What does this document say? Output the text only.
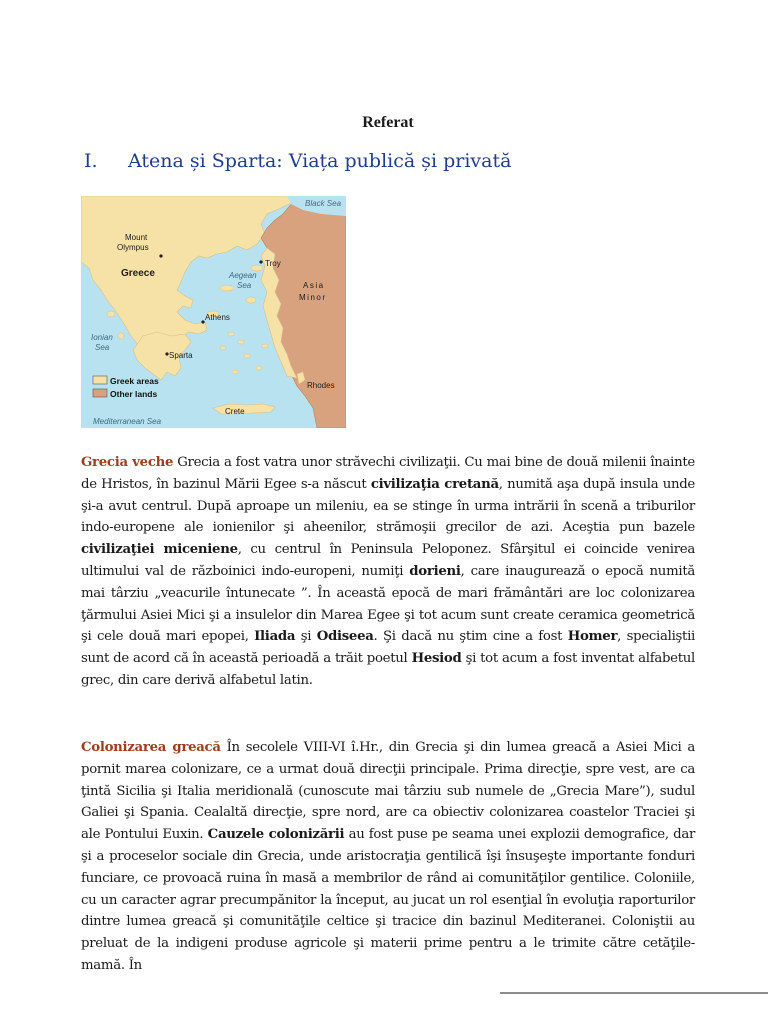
Referat
I. Atena și Sparta: Viața publică și privată
Black Sea
Mount
Olympus
Greece
Troy
Aegean
Sea	Asia
Minor
Athens
Ionian
Sea
Sparta
Rhodes
Crete
Mediterranean Sea
Greek areas
Other lands
Grecia veche Grecia a fost vatra unor străvechi civilizaţii. Cu mai bine de două milenii înainte de Hristos, în bazinul Mării Egee s-a născut civilizaţia cretană, numită aşa după insula unde şi-a avut centrul. După aproape un mileniu, ea se stinge în urma intrării în scenă a triburilor indo-europene ale ionienilor şi aheenilor, strămoşii grecilor de azi. Aceştia pun bazele civilizaţiei miceniene, cu centrul în Peninsula Peloponez. Sfârşitul ei coincide venirea ultimului val de războinici indo-europeni, numiţi dorieni, care inaugurează o epocă numită mai târziu „veacurile întunecate ”. În această epocă de mari frământări are loc colonizarea ţărmului Asiei Mici şi a insulelor din Marea Egee şi tot acum sunt create ceramica geometrică şi cele două mari epopei, Iliada şi Odiseea. Şi dacă nu ştim cine a fost Homer, specialiştii sunt de acord că în această perioadă a trăit poetul Hesiod şi tot acum a fost inventat alfabetul grec, din care derivă alfabetul latin.
Colonizarea greacă În secolele VIII-VI î.Hr., din Grecia şi din lumea greacă a Asiei Mici a pornit marea colonizare, ce a urmat două direcţii principale. Prima direcţie, spre vest, are ca ţintă Sicilia şi Italia meridională (cunoscute mai târziu sub numele de „Grecia Mare”), sudul Galiei şi Spania. Cealaltă direcţie, spre nord, are ca obiectiv colonizarea coastelor Traciei şi ale Pontului Euxin. Cauzele colonizării au fost puse pe seama unei explozii demografice, dar şi a proceselor sociale din Grecia, unde aristocraţia gentilică îşi însuşeşte importante fonduri funciare, ce provoacă ruina în masă a membrilor de rând ai comunităţilor gentilice. Coloniile, cu un caracter agrar precumpănitor la început, au jucat un rol esenţial în evoluţia raporturilor dintre lumea greacă şi comunităţile celtice şi tracice din bazinul Mediteranei. Coloniştii au preluat de la indigeni produse agricole şi materii prime pentru a le trimite către cetăţile-mamă. În
